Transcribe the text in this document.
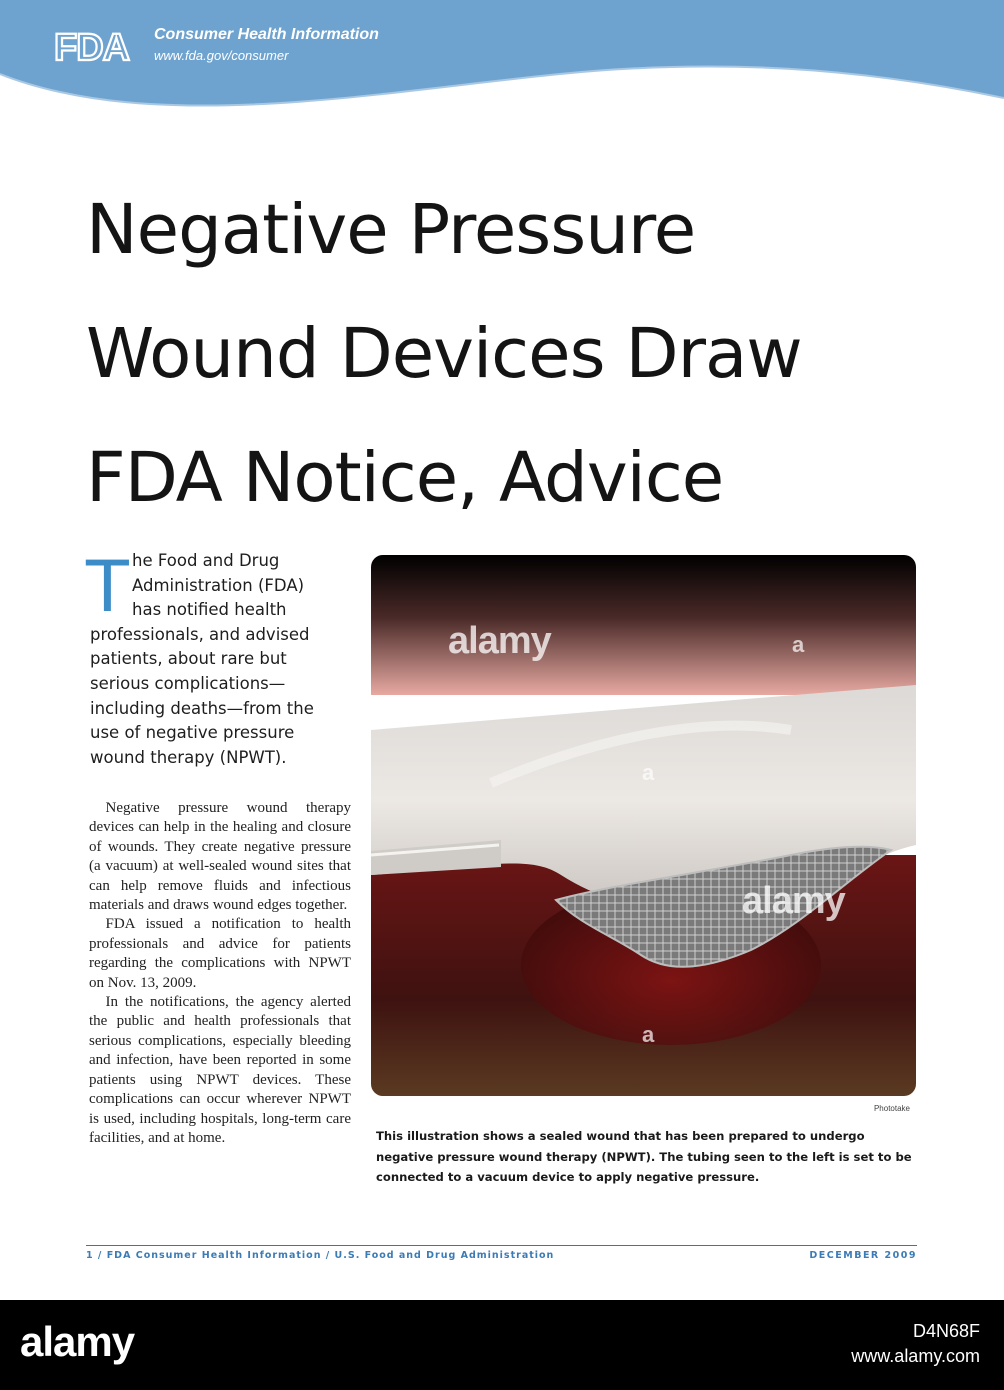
FDA Consumer Health Information
www.fda.gov/consumer
Negative Pressure
Wound Devices Draw
FDA Notice, Advice
T he Food and Drug
Administration (FDA)
has notified health
professionals, and advised
patients, about rare but
serious complications—
including deaths—from the
use of negative pressure
wound therapy (NPWT).

Negative pressure wound therapy devices can help in the healing and closure of wounds. They create negative pressure (a vacuum) at well-sealed wound sites that can help remove fluids and infectious materials and draws wound edges together.

FDA issued a notification to health professionals and advice for patients regarding the complications with NPWT on Nov. 13, 2009.

In the notifications, the agency alerted the public and health professionals that serious complications, especially bleeding and infection, have been reported in some patients using NPWT devices. These complications can occur wherever NPWT is used, including hospitals, long-term care facilities, and at home.

Phototake
This illustration shows a sealed wound that has been prepared to undergo
negative pressure wound therapy (NPWT). The tubing seen to the left is set to be
connected to a vacuum device to apply negative pressure.
1 / FDA Consumer Health Information / U.S. Food and Drug Administration	DECEMBER 2009
alamy
alamy
a
a
a
alamy	D4N68F
www.alamy.com
